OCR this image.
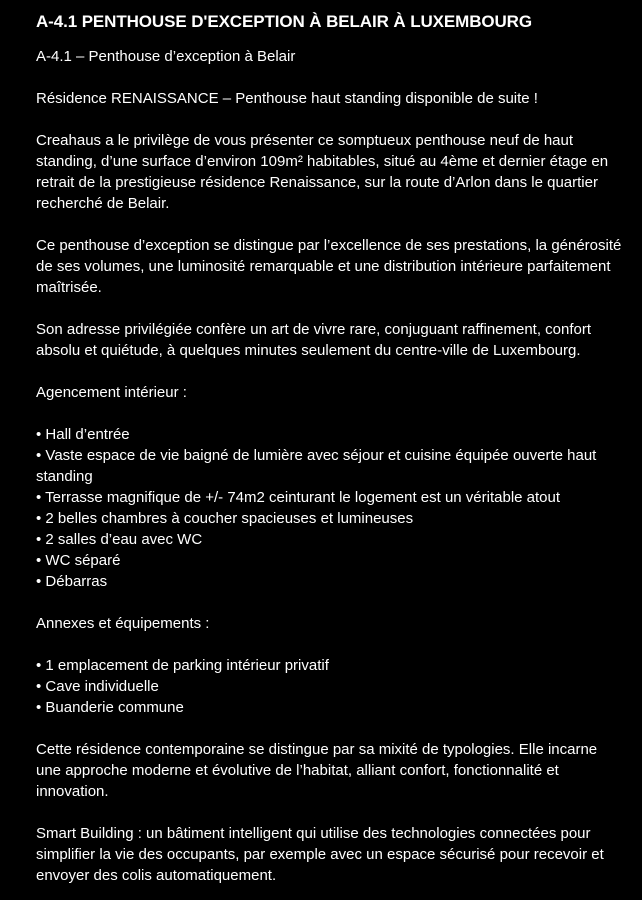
A-4.1 PENTHOUSE D'EXCEPTION À BELAIR À LUXEMBOURG

A-4.1 – Penthouse d’exception à Belair

Résidence RENAISSANCE – Penthouse haut standing disponible de suite !

Creahaus a le privilège de vous présenter ce somptueux penthouse neuf de haut standing, d’une surface d’environ 109m² habitables, situé au 4ème et dernier étage en retrait de la prestigieuse résidence Renaissance, sur la route d’Arlon dans le quartier recherché de Belair.

Ce penthouse d’exception se distingue par l’excellence de ses prestations, la générosité de ses volumes, une luminosité remarquable et une distribution intérieure parfaitement maîtrisée.

Son adresse privilégiée confère un art de vivre rare, conjuguant raffinement, confort absolu et quiétude, à quelques minutes seulement du centre-ville de Luxembourg.

Agencement intérieur :

• Hall d’entrée
• Vaste espace de vie baigné de lumière avec séjour et cuisine équipée ouverte haut standing
• Terrasse magnifique de +/- 74m2 ceinturant le logement est un véritable atout
• 2 belles chambres à coucher spacieuses et lumineuses
• 2 salles d’eau avec WC
• WC séparé
• Débarras

Annexes et équipements :

• 1 emplacement de parking intérieur privatif
• Cave individuelle
• Buanderie commune

Cette résidence contemporaine se distingue par sa mixité de typologies. Elle incarne une approche moderne et évolutive de l’habitat, alliant confort, fonctionnalité et innovation.

Smart Building : un bâtiment intelligent qui utilise des technologies connectées pour simplifier la vie des occupants, par exemple avec un espace sécurisé pour recevoir et envoyer des colis automatiquement.
